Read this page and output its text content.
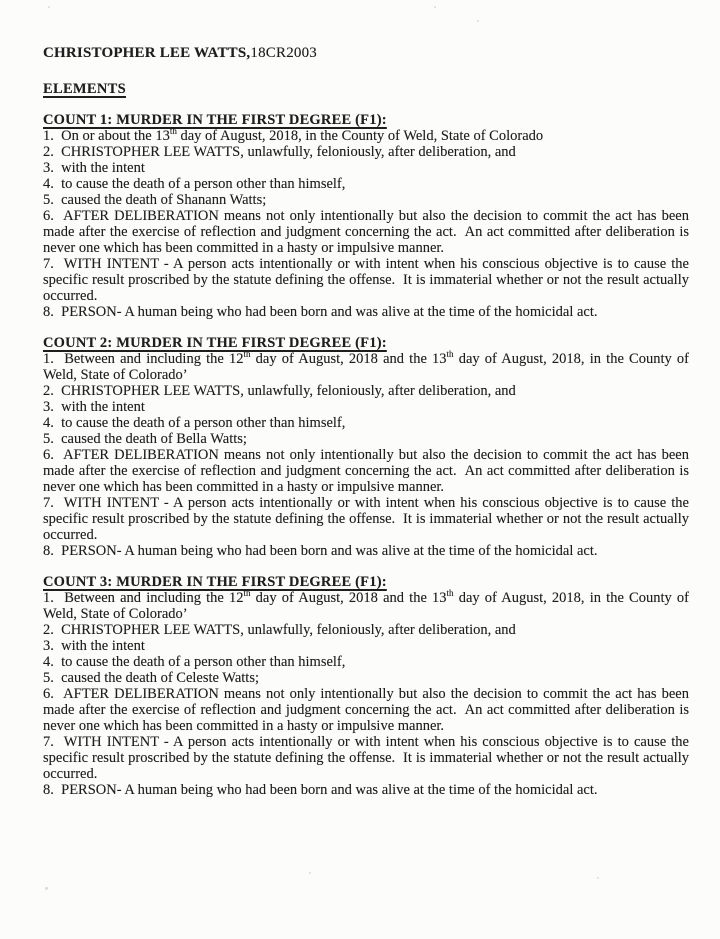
CHRISTOPHER LEE WATTS,18CR2003
ELEMENTS
COUNT 1: MURDER IN THE FIRST DEGREE (F1):

1.  On or about the 13th day of August, 2018, in the County of Weld, State of Colorado

2.  CHRISTOPHER LEE WATTS, unlawfully, feloniously, after deliberation, and

3.  with the intent

4.  to cause the death of a person other than himself,

5.  caused the death of Shanann Watts;

6.  AFTER DELIBERATION means not only intentionally but also the decision to commit the act has been made after the exercise of reflection and judgment concerning the act.  An act committed after deliberation is never one which has been committed in a hasty or impulsive manner.

7.  WITH INTENT - A person acts intentionally or with intent when his conscious objective is to cause the specific result proscribed by the statute defining the offense.  It is immaterial whether or not the result actually occurred.

8.  PERSON- A human being who had been born and was alive at the time of the homicidal act.

COUNT 2: MURDER IN THE FIRST DEGREE (F1):

1.  Between and including the 12th day of August, 2018 and the 13th day of August, 2018, in the County of Weld, State of Colorado’

2.  CHRISTOPHER LEE WATTS, unlawfully, feloniously, after deliberation, and

3.  with the intent

4.  to cause the death of a person other than himself,

5.  caused the death of Bella Watts;

6.  AFTER DELIBERATION means not only intentionally but also the decision to commit the act has been made after the exercise of reflection and judgment concerning the act.  An act committed after deliberation is never one which has been committed in a hasty or impulsive manner.

7.  WITH INTENT - A person acts intentionally or with intent when his conscious objective is to cause the specific result proscribed by the statute defining the offense.  It is immaterial whether or not the result actually occurred.

8.  PERSON- A human being who had been born and was alive at the time of the homicidal act.

COUNT 3: MURDER IN THE FIRST DEGREE (F1):

1.  Between and including the 12th day of August, 2018 and the 13th day of August, 2018, in the County of Weld, State of Colorado’

2.  CHRISTOPHER LEE WATTS, unlawfully, feloniously, after deliberation, and

3.  with the intent

4.  to cause the death of a person other than himself,

5.  caused the death of Celeste Watts;

6.  AFTER DELIBERATION means not only intentionally but also the decision to commit the act has been made after the exercise of reflection and judgment concerning the act.  An act committed after deliberation is never one which has been committed in a hasty or impulsive manner.

7.  WITH INTENT - A person acts intentionally or with intent when his conscious objective is to cause the specific result proscribed by the statute defining the offense.  It is immaterial whether or not the result actually occurred.

8.  PERSON- A human being who had been born and was alive at the time of the homicidal act.
